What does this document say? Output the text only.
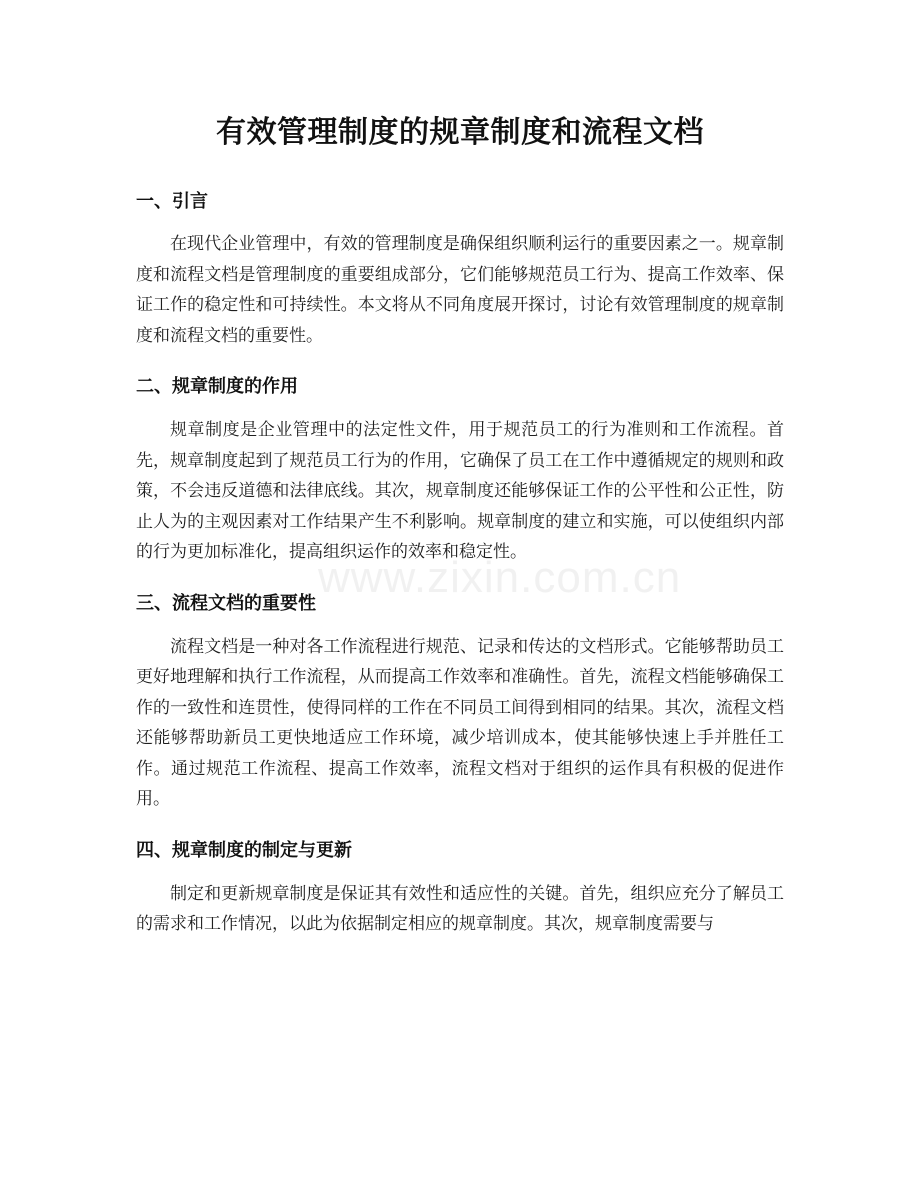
有效管理制度的规章制度和流程文档
一、引言

在现代企业管理中，有效的管理制度是确保组织顺利运行的重要因素之一。规章制度和流程文档是管理制度的重要组成部分，它们能够规范员工行为、提高工作效率、保证工作的稳定性和可持续性。本文将从不同角度展开探讨，讨论有效管理制度的规章制度和流程文档的重要性。

二、规章制度的作用

规章制度是企业管理中的法定性文件，用于规范员工的行为准则和工作流程。首先，规章制度起到了规范员工行为的作用，它确保了员工在工作中遵循规定的规则和政策，不会违反道德和法律底线。其次，规章制度还能够保证工作的公平性和公正性，防止人为的主观因素对工作结果产生不利影响。规章制度的建立和实施，可以使组织内部的行为更加标准化，提高组织运作的效率和稳定性。

三、流程文档的重要性

流程文档是一种对各工作流程进行规范、记录和传达的文档形式。它能够帮助员工更好地理解和执行工作流程，从而提高工作效率和准确性。首先，流程文档能够确保工作的一致性和连贯性，使得同样的工作在不同员工间得到相同的结果。其次，流程文档还能够帮助新员工更快地适应工作环境，减少培训成本，使其能够快速上手并胜任工作。通过规范工作流程、提高工作效率，流程文档对于组织的运作具有积极的促进作用。

四、规章制度的制定与更新

制定和更新规章制度是保证其有效性和适应性的关键。首先，组织应充分了解员工的需求和工作情况，以此为依据制定相应的规章制度。其次，规章制度需要与

www.zixin.com.cn
